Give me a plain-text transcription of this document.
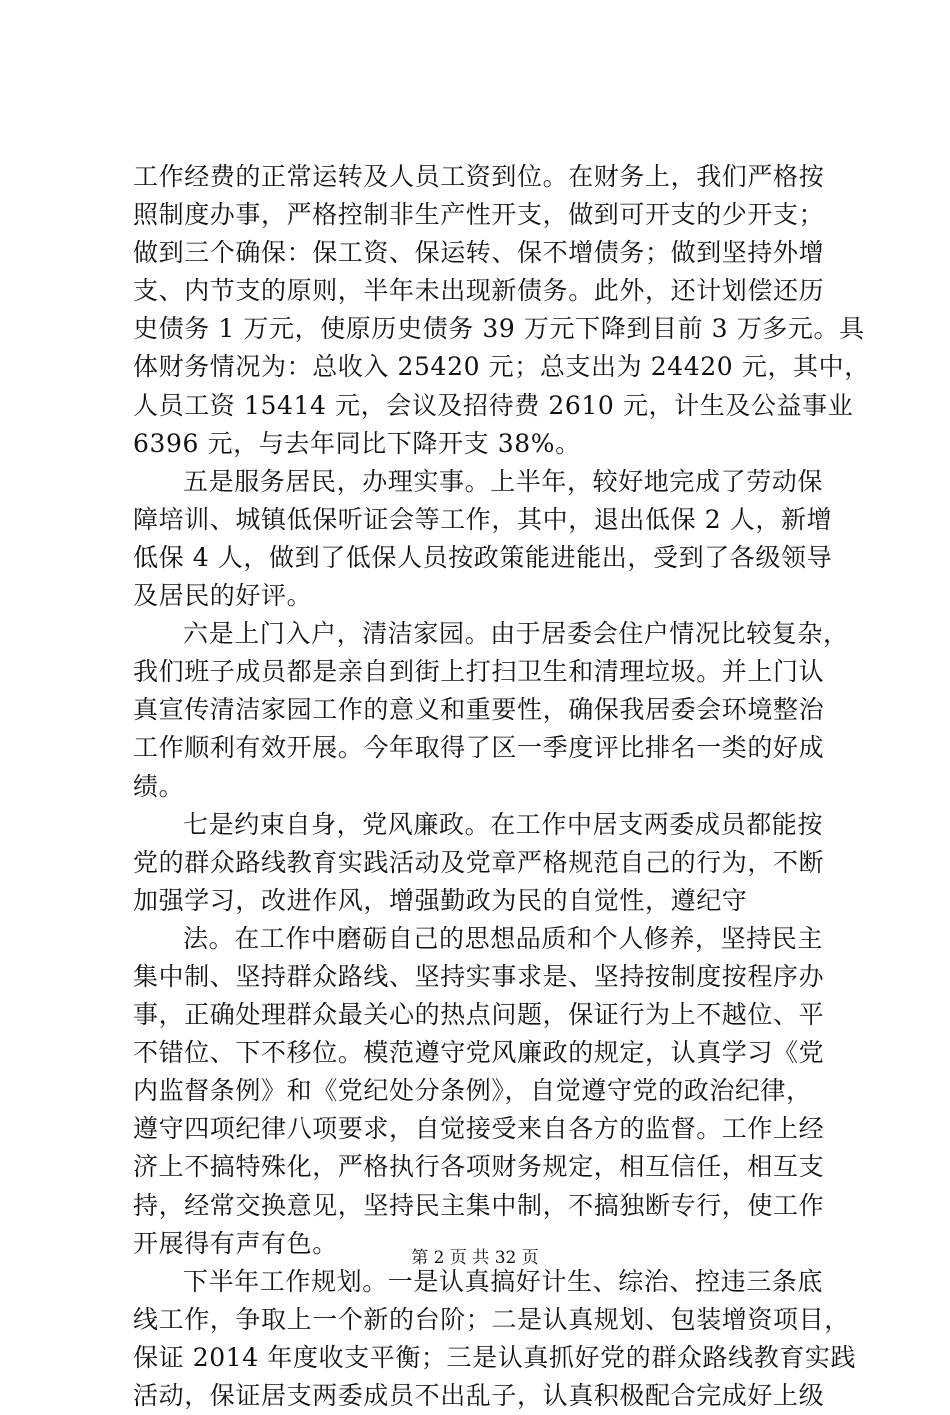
工作经费的正常运转及人员工资到位。在财务上，我们严格按
照制度办事，严格控制非生产性开支，做到可开支的少开支；
做到三个确保：保工资、保运转、保不增债务；做到坚持外增
支、内节支的原则，半年未出现新债务。此外，还计划偿还历
史债务 1 万元，使原历史债务 39 万元下降到目前 3 万多元。具
体财务情况为：总收入 25420 元；总支出为 24420 元，其中，
人员工资 15414 元，会议及招待费 2610 元，计生及公益事业
6396 元，与去年同比下降开支 38%。
五是服务居民，办理实事。上半年，较好地完成了劳动保
障培训、城镇低保听证会等工作，其中，退出低保 2 人，新增
低保 4 人，做到了低保人员按政策能进能出，受到了各级领导
及居民的好评。
六是上门入户，清洁家园。由于居委会住户情况比较复杂，
我们班子成员都是亲自到街上打扫卫生和清理垃圾。并上门认
真宣传清洁家园工作的意义和重要性，确保我居委会环境整治
工作顺利有效开展。今年取得了区一季度评比排名一类的好成
绩。
七是约束自身，党风廉政。在工作中居支两委成员都能按
党的群众路线教育实践活动及党章严格规范自己的行为，不断
加强学习，改进作风，增强勤政为民的自觉性，遵纪守
法。在工作中磨砺自己的思想品质和个人修养，坚持民主
集中制、坚持群众路线、坚持实事求是、坚持按制度按程序办
事，正确处理群众最关心的热点问题，保证行为上不越位、平
不错位、下不移位。模范遵守党风廉政的规定，认真学习《党
内监督条例》和《党纪处分条例》，自觉遵守党的政治纪律，
遵守四项纪律八项要求，自觉接受来自各方的监督。工作上经
济上不搞特殊化，严格执行各项财务规定，相互信任，相互支
持，经常交换意见，坚持民主集中制，不搞独断专行，使工作
开展得有声有色。
下半年工作规划。一是认真搞好计生、综治、控违三条底
线工作，争取上一个新的台阶；二是认真规划、包装增资项目，
保证 2014 年度收支平衡；三是认真抓好党的群众路线教育实践
活动，保证居支两委成员不出乱子，认真积极配合完成好上级
第 2 页 共 32 页
